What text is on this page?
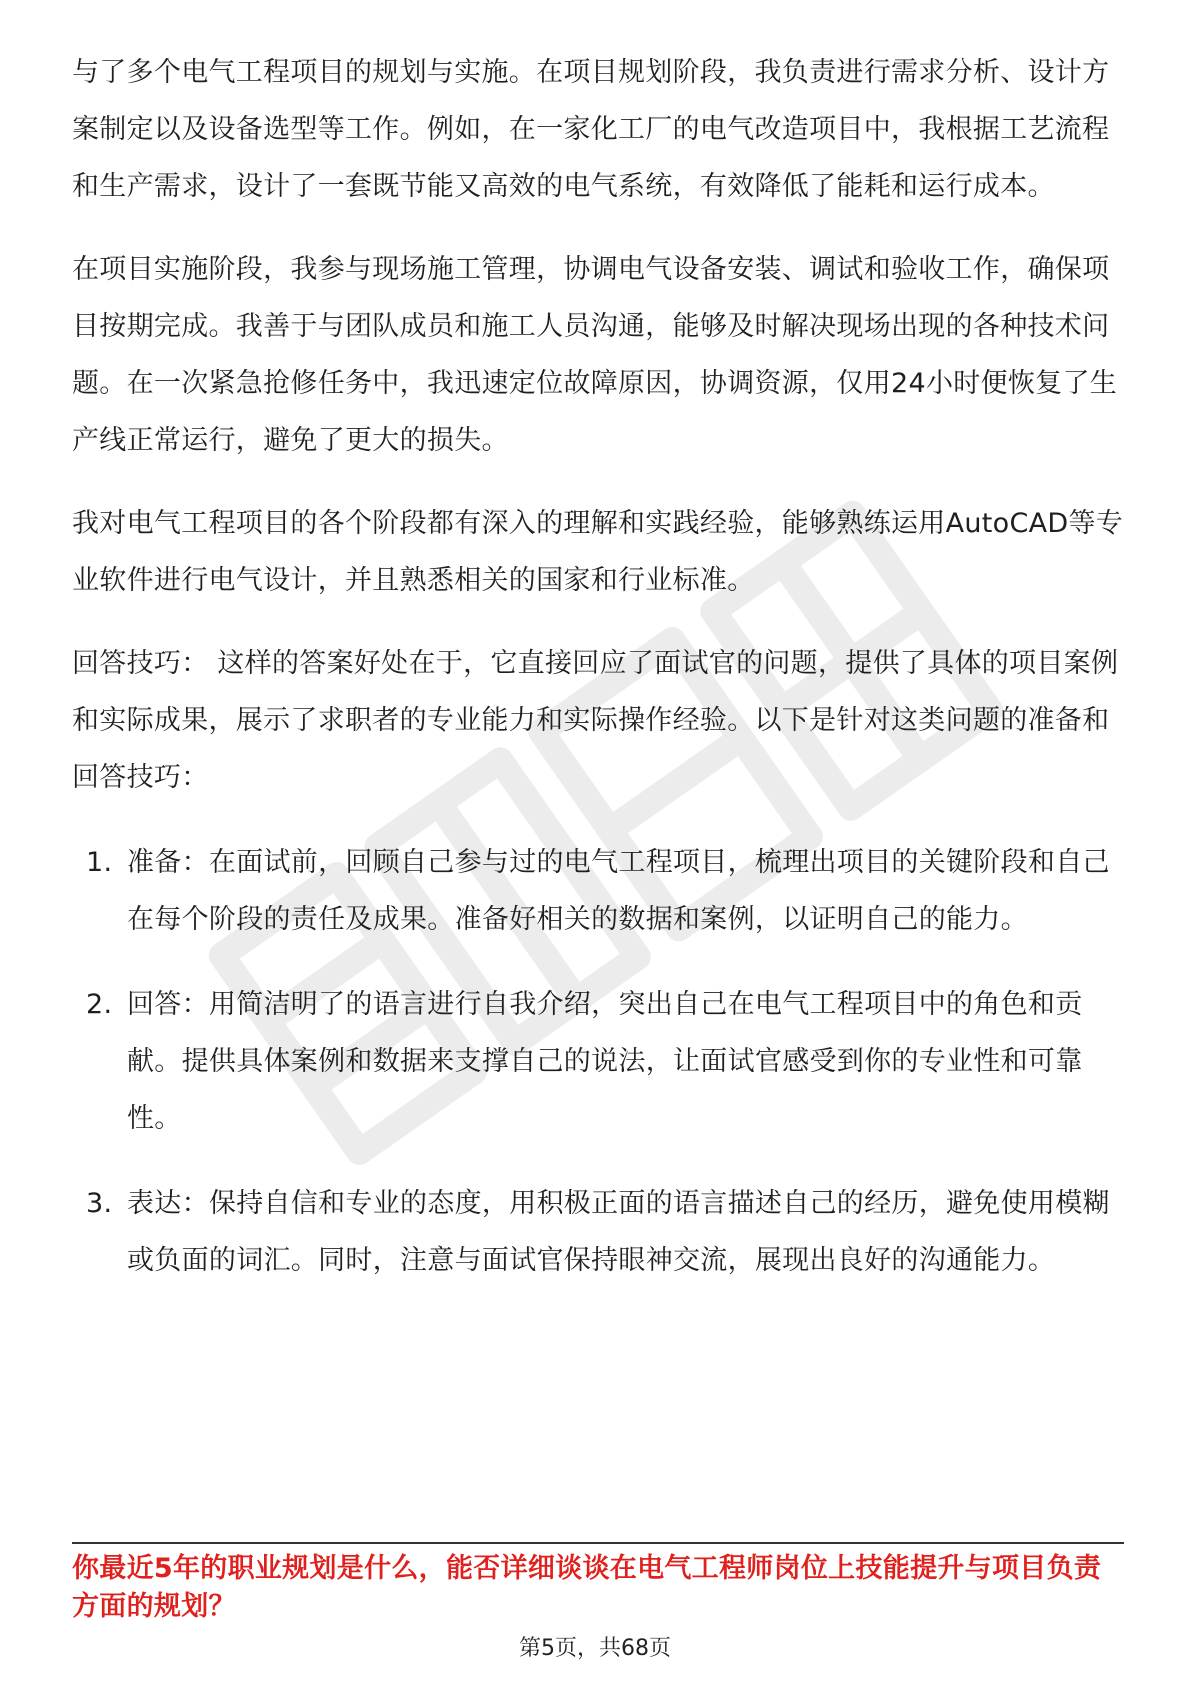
与了多个电气工程项目的规划与实施。在项目规划阶段，我负责进行需求分析、设计方案制定以及设备选型等工作。例如，在一家化工厂的电气改造项目中，我根据工艺流程和生产需求，设计了一套既节能又高效的电气系统，有效降低了能耗和运行成本。

在项目实施阶段，我参与现场施工管理，协调电气设备安装、调试和验收工作，确保项目按期完成。我善于与团队成员和施工人员沟通，能够及时解决现场出现的各种技术问题。在一次紧急抢修任务中，我迅速定位故障原因，协调资源，仅用24小时便恢复了生产线正常运行，避免了更大的损失。

我对电气工程项目的各个阶段都有深入的理解和实践经验，能够熟练运用AutoCAD等专业软件进行电气设计，并且熟悉相关的国家和行业标准。

回答技巧： 这样的答案好处在于，它直接回应了面试官的问题，提供了具体的项目案例和实际成果，展示了求职者的专业能力和实际操作经验。以下是针对这类问题的准备和回答技巧：

1. 准备：在面试前，回顾自己参与过的电气工程项目，梳理出项目的关键阶段和自己在每个阶段的责任及成果。准备好相关的数据和案例，以证明自己的能力。
2. 回答：用简洁明了的语言进行自我介绍，突出自己在电气工程项目中的角色和贡献。提供具体案例和数据来支撑自己的说法，让面试官感受到你的专业性和可靠性。
3. 表达：保持自信和专业的态度，用积极正面的语言描述自己的经历，避免使用模糊或负面的词汇。同时，注意与面试官保持眼神交流，展现出良好的沟通能力。
你最近5年的职业规划是什么，能否详细谈谈在电气工程师岗位上技能提升与项目负责方面的规划？
第5页，共68页
